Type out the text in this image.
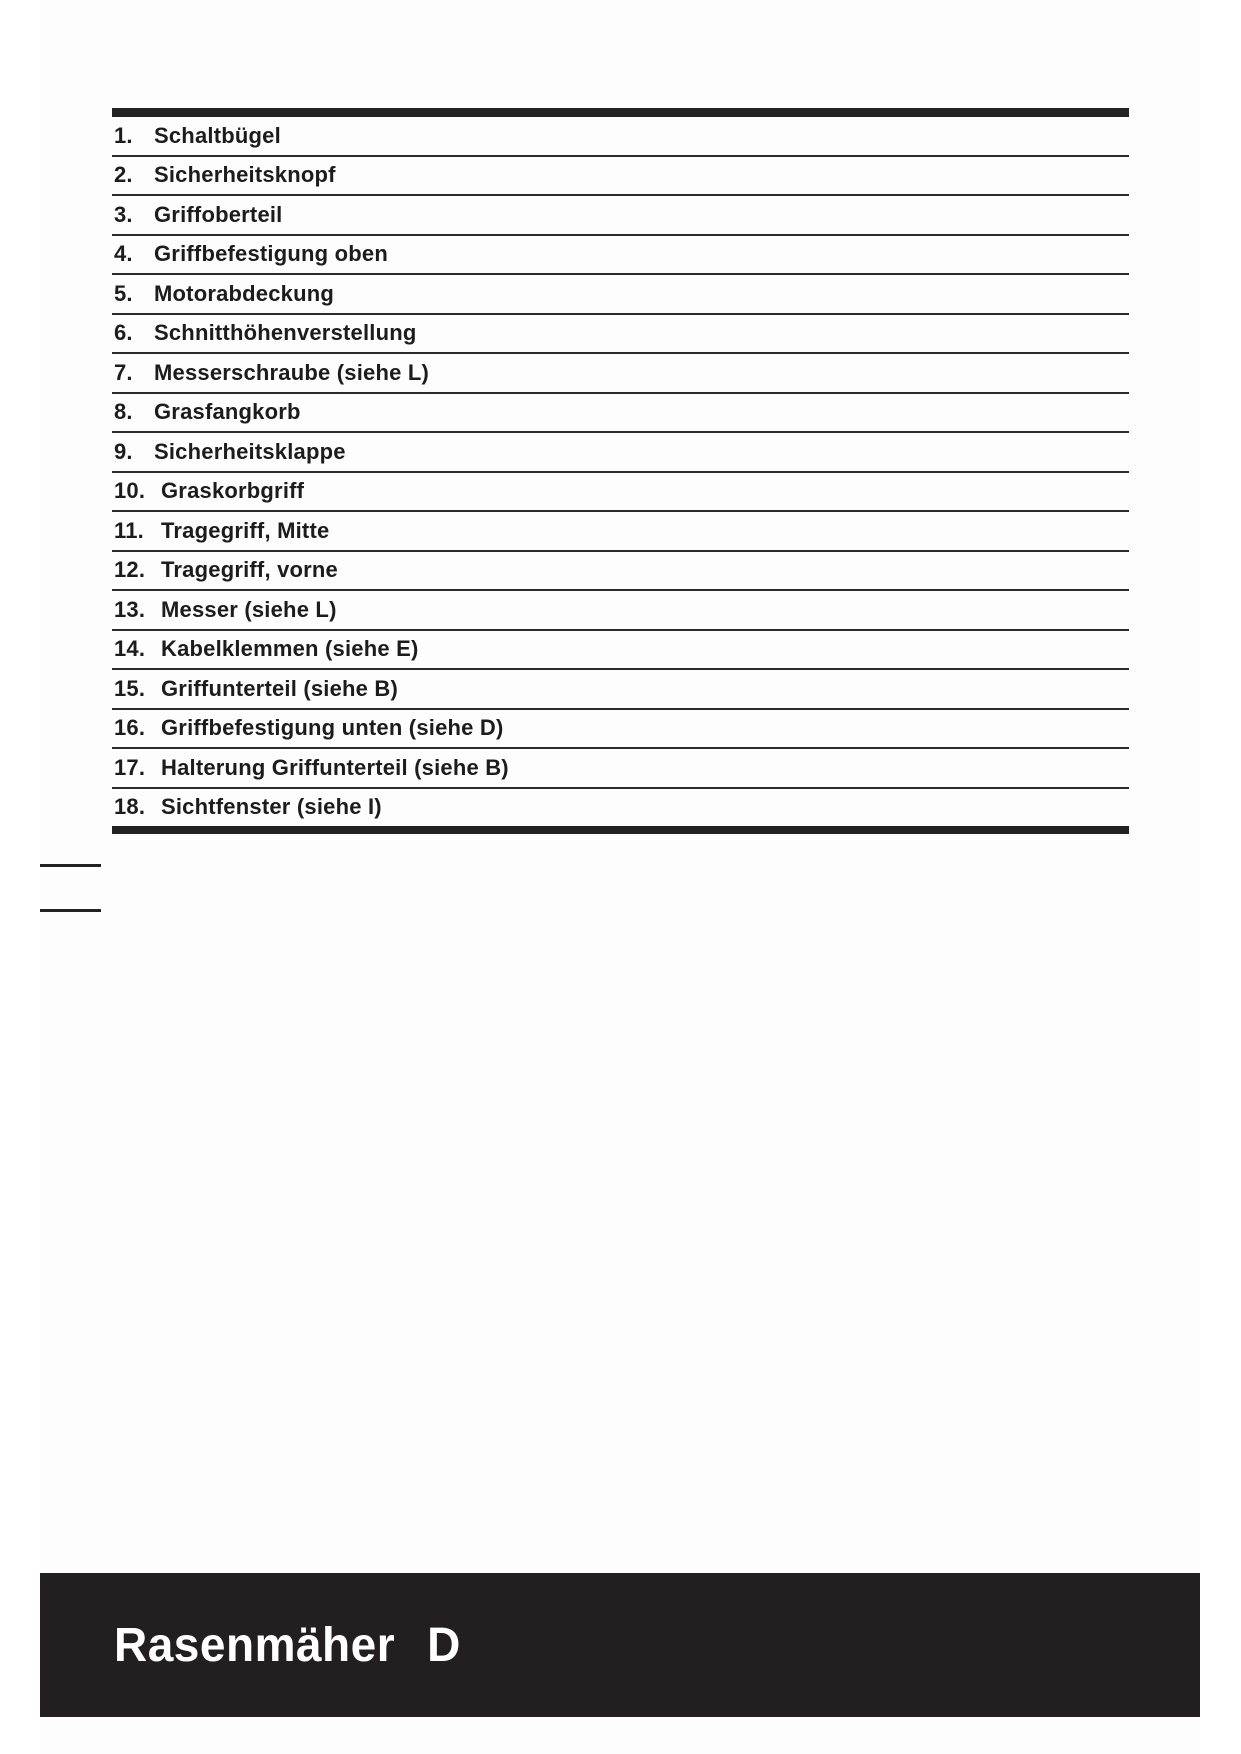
1. Schaltbügel
2. Sicherheitsknopf
3. Griffoberteil
4. Griffbefestigung oben
5. Motorabdeckung
6. Schnitthöhenverstellung
7. Messerschraube (siehe L)
8. Grasfangkorb
9. Sicherheitsklappe
10. Graskorbgriff
11. Tragegriff, Mitte
12. Tragegriff, vorne
13. Messer (siehe L)
14. Kabelklemmen (siehe E)
15. Griffunterteil (siehe B)
16. Griffbefestigung unten (siehe D)
17. Halterung Griffunterteil (siehe B)
18. Sichtfenster (siehe I)
Rasenmäher D
